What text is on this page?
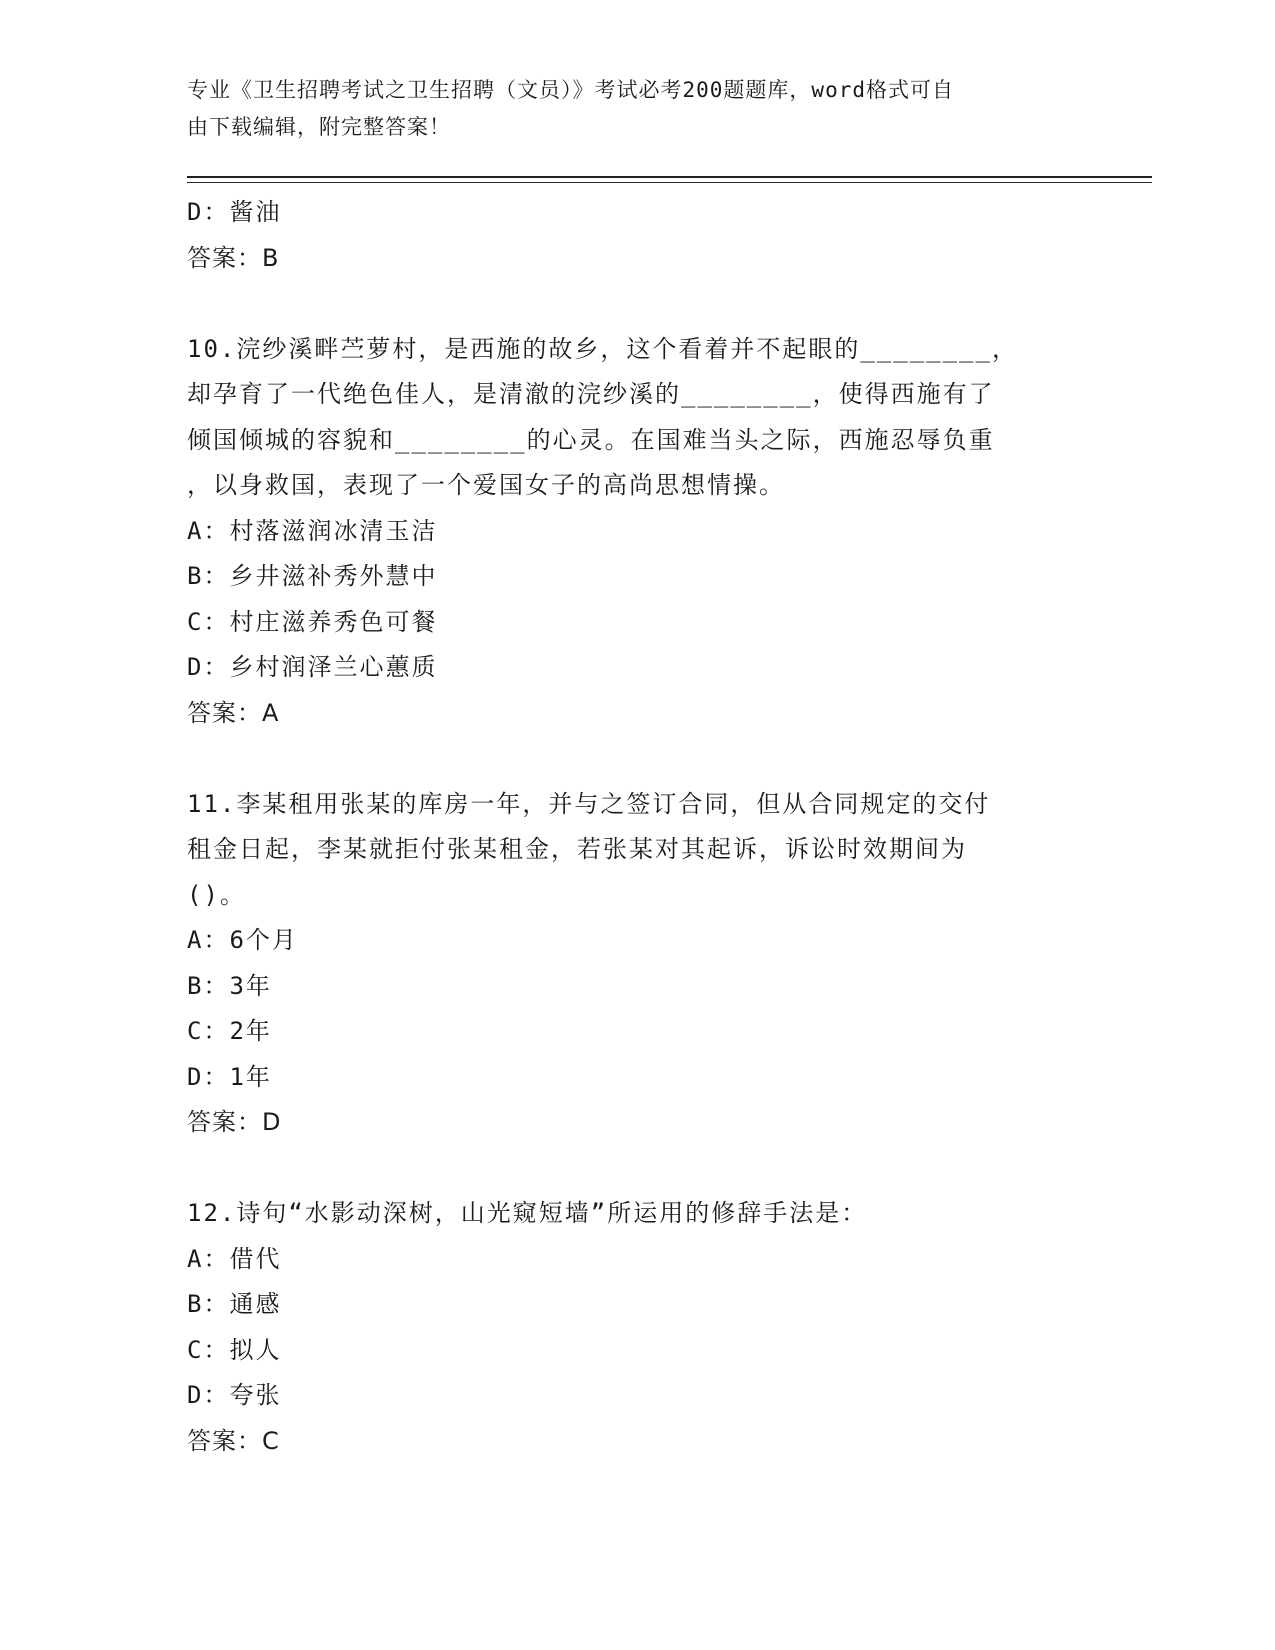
专业《卫生招聘考试之卫生招聘（文员）》考试必考200题题库，word格式可自
由下载编辑，附完整答案！
D：酱油
答案：B
10.浣纱溪畔苎萝村，是西施的故乡，这个看着并不起眼的________，
却孕育了一代绝色佳人，是清澈的浣纱溪的________，使得西施有了
倾国倾城的容貌和________的心灵。在国难当头之际，西施忍辱负重
，以身救国，表现了一个爱国女子的高尚思想情操。
A：村落滋润冰清玉洁
B：乡井滋补秀外慧中
C：村庄滋养秀色可餐
D：乡村润泽兰心蕙质
答案：A
11.李某租用张某的库房一年，并与之签订合同，但从合同规定的交付
租金日起，李某就拒付张某租金，若张某对其起诉，诉讼时效期间为
()。
A：6个月
B：3年
C：2年
D：1年
答案：D
12.诗句“水影动深树，山光窥短墙”所运用的修辞手法是：
A：借代
B：通感
C：拟人
D：夸张
答案：C
